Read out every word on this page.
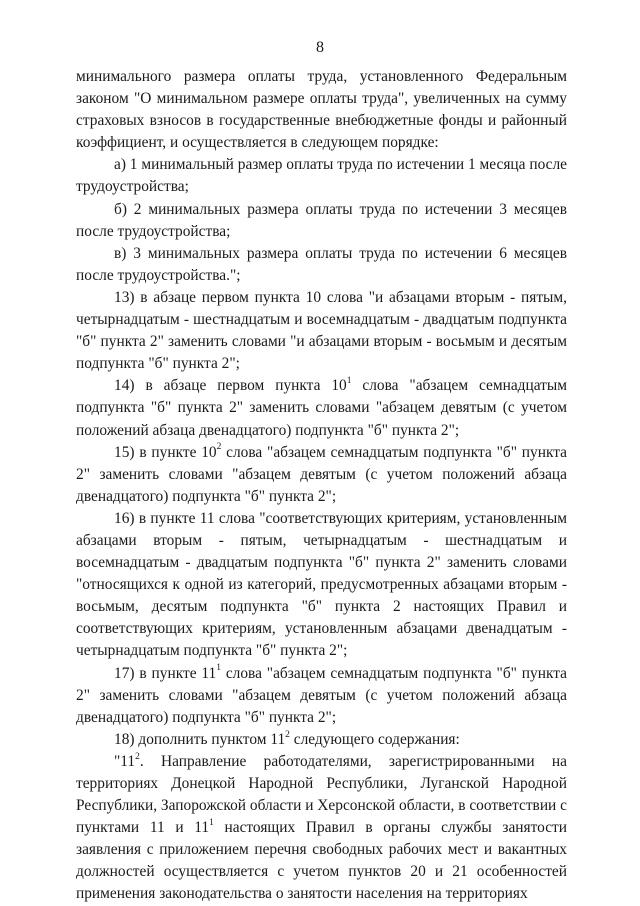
8

минимального размера оплаты труда, установленного Федеральным законом "О минимальном размере оплаты труда", увеличенных на сумму страховых взносов в государственные внебюджетные фонды и районный коэффициент, и осуществляется в следующем порядке:

а) 1 минимальный размер оплаты труда по истечении 1 месяца после трудоустройства;

б) 2 минимальных размера оплаты труда по истечении 3 месяцев после трудоустройства;

в) 3 минимальных размера оплаты труда по истечении 6 месяцев после трудоустройства.";

13) в абзаце первом пункта 10 слова "и абзацами вторым - пятым, четырнадцатым - шестнадцатым и восемнадцатым - двадцатым подпункта "б" пункта 2" заменить словами "и абзацами вторым - восьмым и десятым подпункта "б" пункта 2";

14) в абзаце первом пункта $10^1$ слова "абзацем семнадцатым подпункта "б" пункта 2" заменить словами "абзацем девятым (с учетом положений абзаца двенадцатого) подпункта "б" пункта 2";

15) в пункте $10^2$ слова "абзацем семнадцатым подпункта "б" пункта 2" заменить словами "абзацем девятым (с учетом положений абзаца двенадцатого) подпункта "б" пункта 2";

16) в пункте 11 слова "соответствующих критериям, установленным абзацами вторым - пятым, четырнадцатым - шестнадцатым и восемнадцатым - двадцатым подпункта "б" пункта 2" заменить словами "относящихся к одной из категорий, предусмотренных абзацами вторым - восьмым, десятым подпункта "б" пункта 2 настоящих Правил и соответствующих критериям, установленным абзацами двенадцатым - четырнадцатым подпункта "б" пункта 2";

17) в пункте $11^1$ слова "абзацем семнадцатым подпункта "б" пункта 2" заменить словами "абзацем девятым (с учетом положений абзаца двенадцатого) подпункта "б" пункта 2";

18) дополнить пунктом $11^2$ следующего содержания:

"$11^2$. Направление работодателями, зарегистрированными на территориях Донецкой Народной Республики, Луганской Народной Республики, Запорожской области и Херсонской области, в соответствии с пунктами 11 и $11^1$ настоящих Правил в органы службы занятости заявления с приложением перечня свободных рабочих мест и вакантных должностей осуществляется с учетом пунктов 20 и 21 особенностей применения законодательства о занятости населения на территориях
